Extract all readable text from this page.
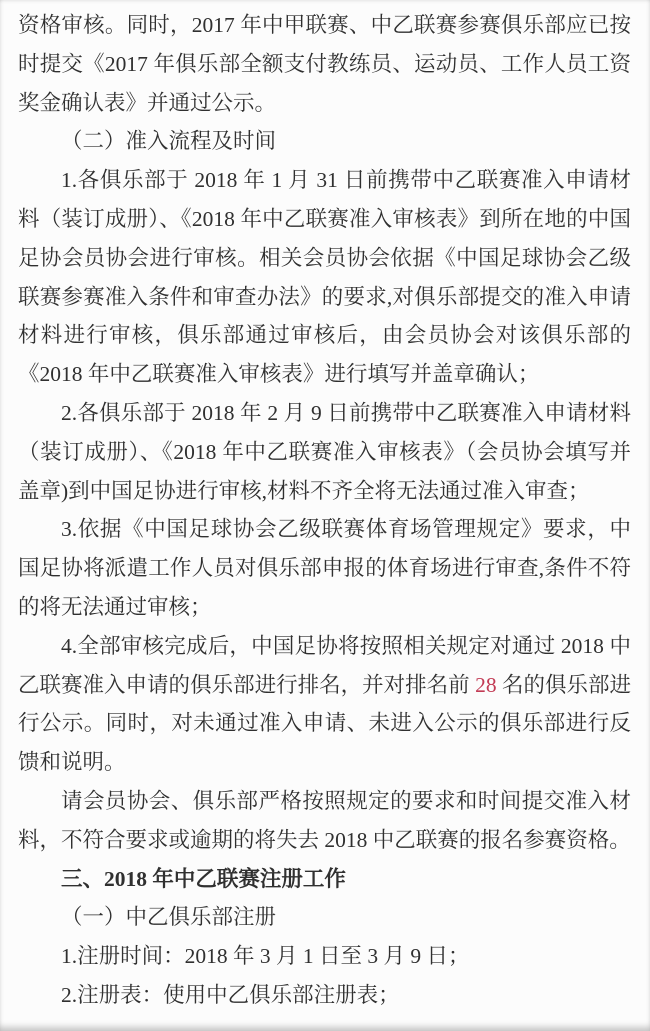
资格审核。同时，2017 年中甲联赛、中乙联赛参赛俱乐部应已按时提交《2017 年俱乐部全额支付教练员、运动员、工作人员工资奖金确认表》并通过公示。

（二）准入流程及时间

1.各俱乐部于 2018 年 1 月 31 日前携带中乙联赛准入申请材料（装订成册）、《2018 年中乙联赛准入审核表》到所在地的中国足协会员协会进行审核。相关会员协会依据《中国足球协会乙级联赛参赛准入条件和审查办法》的要求,对俱乐部提交的准入申请材料进行审核，俱乐部通过审核后，由会员协会对该俱乐部的《2018 年中乙联赛准入审核表》进行填写并盖章确认；

2.各俱乐部于 2018 年 2 月 9 日前携带中乙联赛准入申请材料（装订成册）、《2018 年中乙联赛准入审核表》（会员协会填写并盖章)到中国足协进行审核,材料不齐全将无法通过准入审查；

3.依据《中国足球协会乙级联赛体育场管理规定》要求，中国足协将派遣工作人员对俱乐部申报的体育场进行审查,条件不符的将无法通过审核；

4.全部审核完成后，中国足协将按照相关规定对通过 2018 中乙联赛准入申请的俱乐部进行排名，并对排名前 28 名的俱乐部进行公示。同时，对未通过准入申请、未进入公示的俱乐部进行反馈和说明。

请会员协会、俱乐部严格按照规定的要求和时间提交准入材料，不符合要求或逾期的将失去 2018 中乙联赛的报名参赛资格。

三、2018 年中乙联赛注册工作

（一）中乙俱乐部注册

1.注册时间：2018 年 3 月 1 日至 3 月 9 日；

2.注册表：使用中乙俱乐部注册表；
